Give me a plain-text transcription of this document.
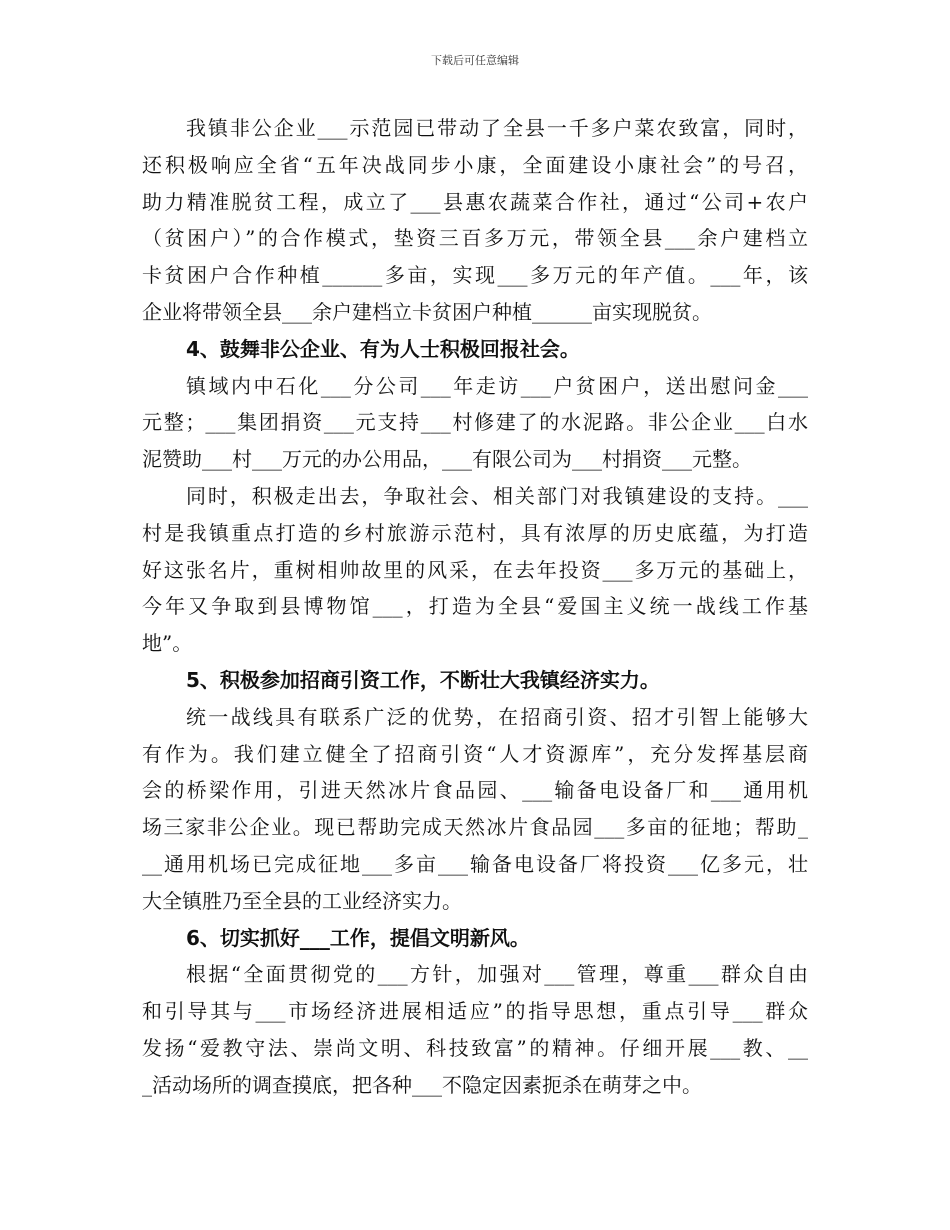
下载后可任意编辑
我镇非公企业___示范园已带动了全县一千多户菜农致富，同时，
还积极响应全省“五年决战同步小康，全面建设小康社会”的号召，
助力精准脱贫工程，成立了___县惠农蔬菜合作社，通过“公司+农户
（贫困户）”的合作模式，垫资三百多万元，带领全县___余户建档立
卡贫困户合作种植______多亩，实现___多万元的年产值。___年，该
企业将带领全县___余户建档立卡贫困户种植______亩实现脱贫。
4、鼓舞非公企业、有为人士积极回报社会。
镇域内中石化___分公司___年走访___户贫困户，送出慰问金___
元整；___集团捐资___元支持___村修建了的水泥路。非公企业___白水
泥赞助___村___万元的办公用品，___有限公司为___村捐资___元整。
同时，积极走出去，争取社会、相关部门对我镇建设的支持。___
村是我镇重点打造的乡村旅游示范村，具有浓厚的历史底蕴，为打造
好这张名片，重树相帅故里的风采，在去年投资___多万元的基础上，
今年又争取到县博物馆___，打造为全县“爱国主义统一战线工作基
地”。
5、积极参加招商引资工作，不断壮大我镇经济实力。
统一战线具有联系广泛的优势，在招商引资、招才引智上能够大
有作为。我们建立健全了招商引资“人才资源库”，充分发挥基层商
会的桥梁作用，引进天然冰片食品园、___输备电设备厂和___通用机
场三家非公企业。现已帮助完成天然冰片食品园___多亩的征地；帮助_
__通用机场已完成征地___多亩___输备电设备厂将投资___亿多元，壮
大全镇胜乃至全县的工业经济实力。
6、切实抓好___工作，提倡文明新风。
根据“全面贯彻党的___方针，加强对___管理，尊重___群众自由
和引导其与___市场经济进展相适应”的指导思想，重点引导___群众
发扬“爱教守法、崇尚文明、科技致富”的精神。仔细开展___教、__
_活动场所的调查摸底，把各种___不隐定因素扼杀在萌芽之中。
